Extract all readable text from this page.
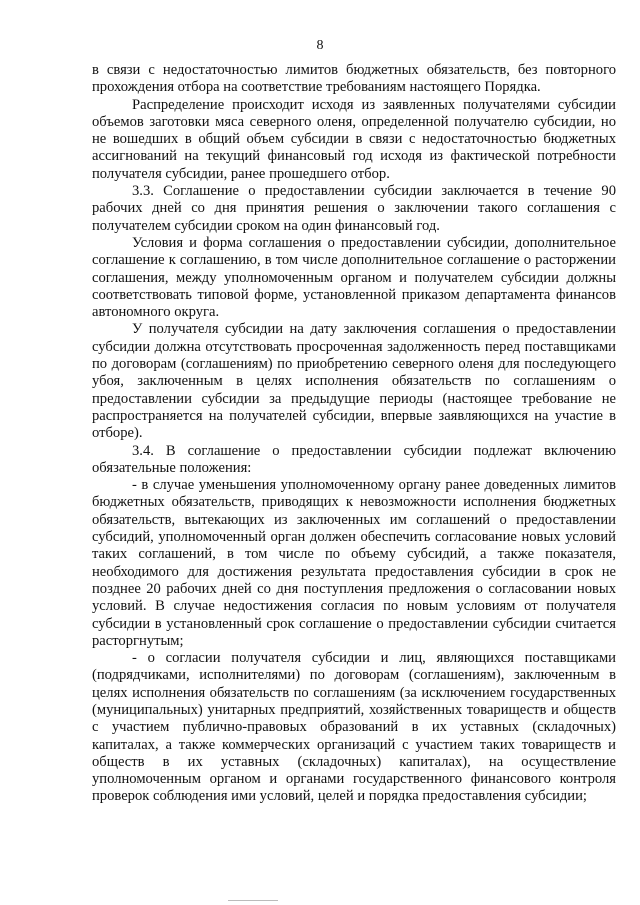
8

в связи с недостаточностью лимитов бюджетных обязательств, без повторного прохождения отбора на соответствие требованиям настоящего Порядка.

Распределение происходит исходя из заявленных получателями субсидии объемов заготовки мяса северного оленя, определенной получателю субсидии, но не вошедших в общий объем субсидии в связи с недостаточностью бюджетных ассигнований на текущий финансовый год исходя из фактической потребности получателя субсидии, ранее прошедшего отбор.

3.3. Соглашение о предоставлении субсидии заключается в течение 90 рабочих дней со дня принятия решения о заключении такого соглашения с получателем субсидии сроком на один финансовый год.

Условия и форма соглашения о предоставлении субсидии, дополнительное соглашение к соглашению, в том числе дополнительное соглашение о расторжении соглашения, между уполномоченным органом и получателем субсидии должны соответствовать типовой форме, установленной приказом департамента финансов автономного округа.

У получателя субсидии на дату заключения соглашения о предоставлении субсидии должна отсутствовать просроченная задолженность перед поставщиками по договорам (соглашениям) по приобретению северного оленя для последующего убоя, заключенным в целях исполнения обязательств по соглашениям о предоставлении субсидии за предыдущие периоды (настоящее требование не распространяется на получателей субсидии, впервые заявляющихся на участие в отборе).

3.4. В соглашение о предоставлении субсидии подлежат включению обязательные положения:

- в случае уменьшения уполномоченному органу ранее доведенных лимитов бюджетных обязательств, приводящих к невозможности исполнения бюджетных обязательств, вытекающих из заключенных им соглашений о предоставлении субсидий, уполномоченный орган должен обеспечить согласование новых условий таких соглашений, в том числе по объему субсидий, а также показателя, необходимого для достижения результата предоставления субсидии в срок не позднее 20 рабочих дней со дня поступления предложения о согласовании новых условий. В случае недостижения согласия по новым условиям от получателя субсидии в установленный срок соглашение о предоставлении субсидии считается расторгнутым;

- о согласии получателя субсидии и лиц, являющихся поставщиками (подрядчиками, исполнителями) по договорам (соглашениям), заключенным в целях исполнения обязательств по соглашениям (за исключением государственных (муниципальных) унитарных предприятий, хозяйственных товариществ и обществ с участием публично-правовых образований в их уставных (складочных) капиталах, а также коммерческих организаций с участием таких товариществ и обществ в их уставных (складочных) капиталах), на осуществление уполномоченным органом и органами государственного финансового контроля проверок соблюдения ими условий, целей и порядка предоставления субсидии;
